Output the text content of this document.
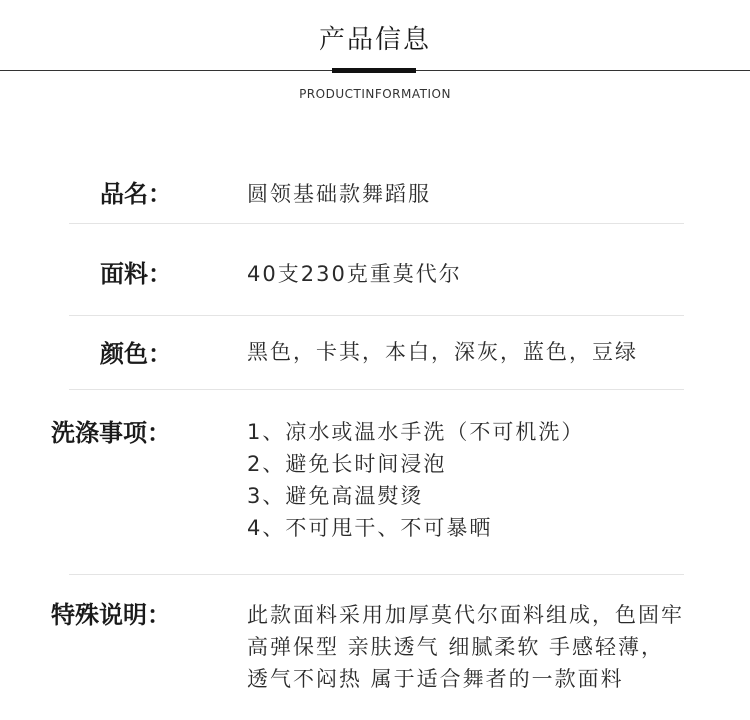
产品信息
PRODUCTINFORMATION
品名：	圆领基础款舞蹈服
面料：	40支230克重莫代尔
颜色：	黑色，卡其，本白，深灰，蓝色，豆绿
洗涤事项：	1、凉水或温水手洗（不可机洗）
2、避免长时间浸泡
3、避免高温熨烫
4、不可甩干、不可暴晒
特殊说明：	此款面料采用加厚莫代尔面料组成，色固牢
高弹保型 亲肤透气 细腻柔软 手感轻薄，
透气不闷热 属于适合舞者的一款面料
